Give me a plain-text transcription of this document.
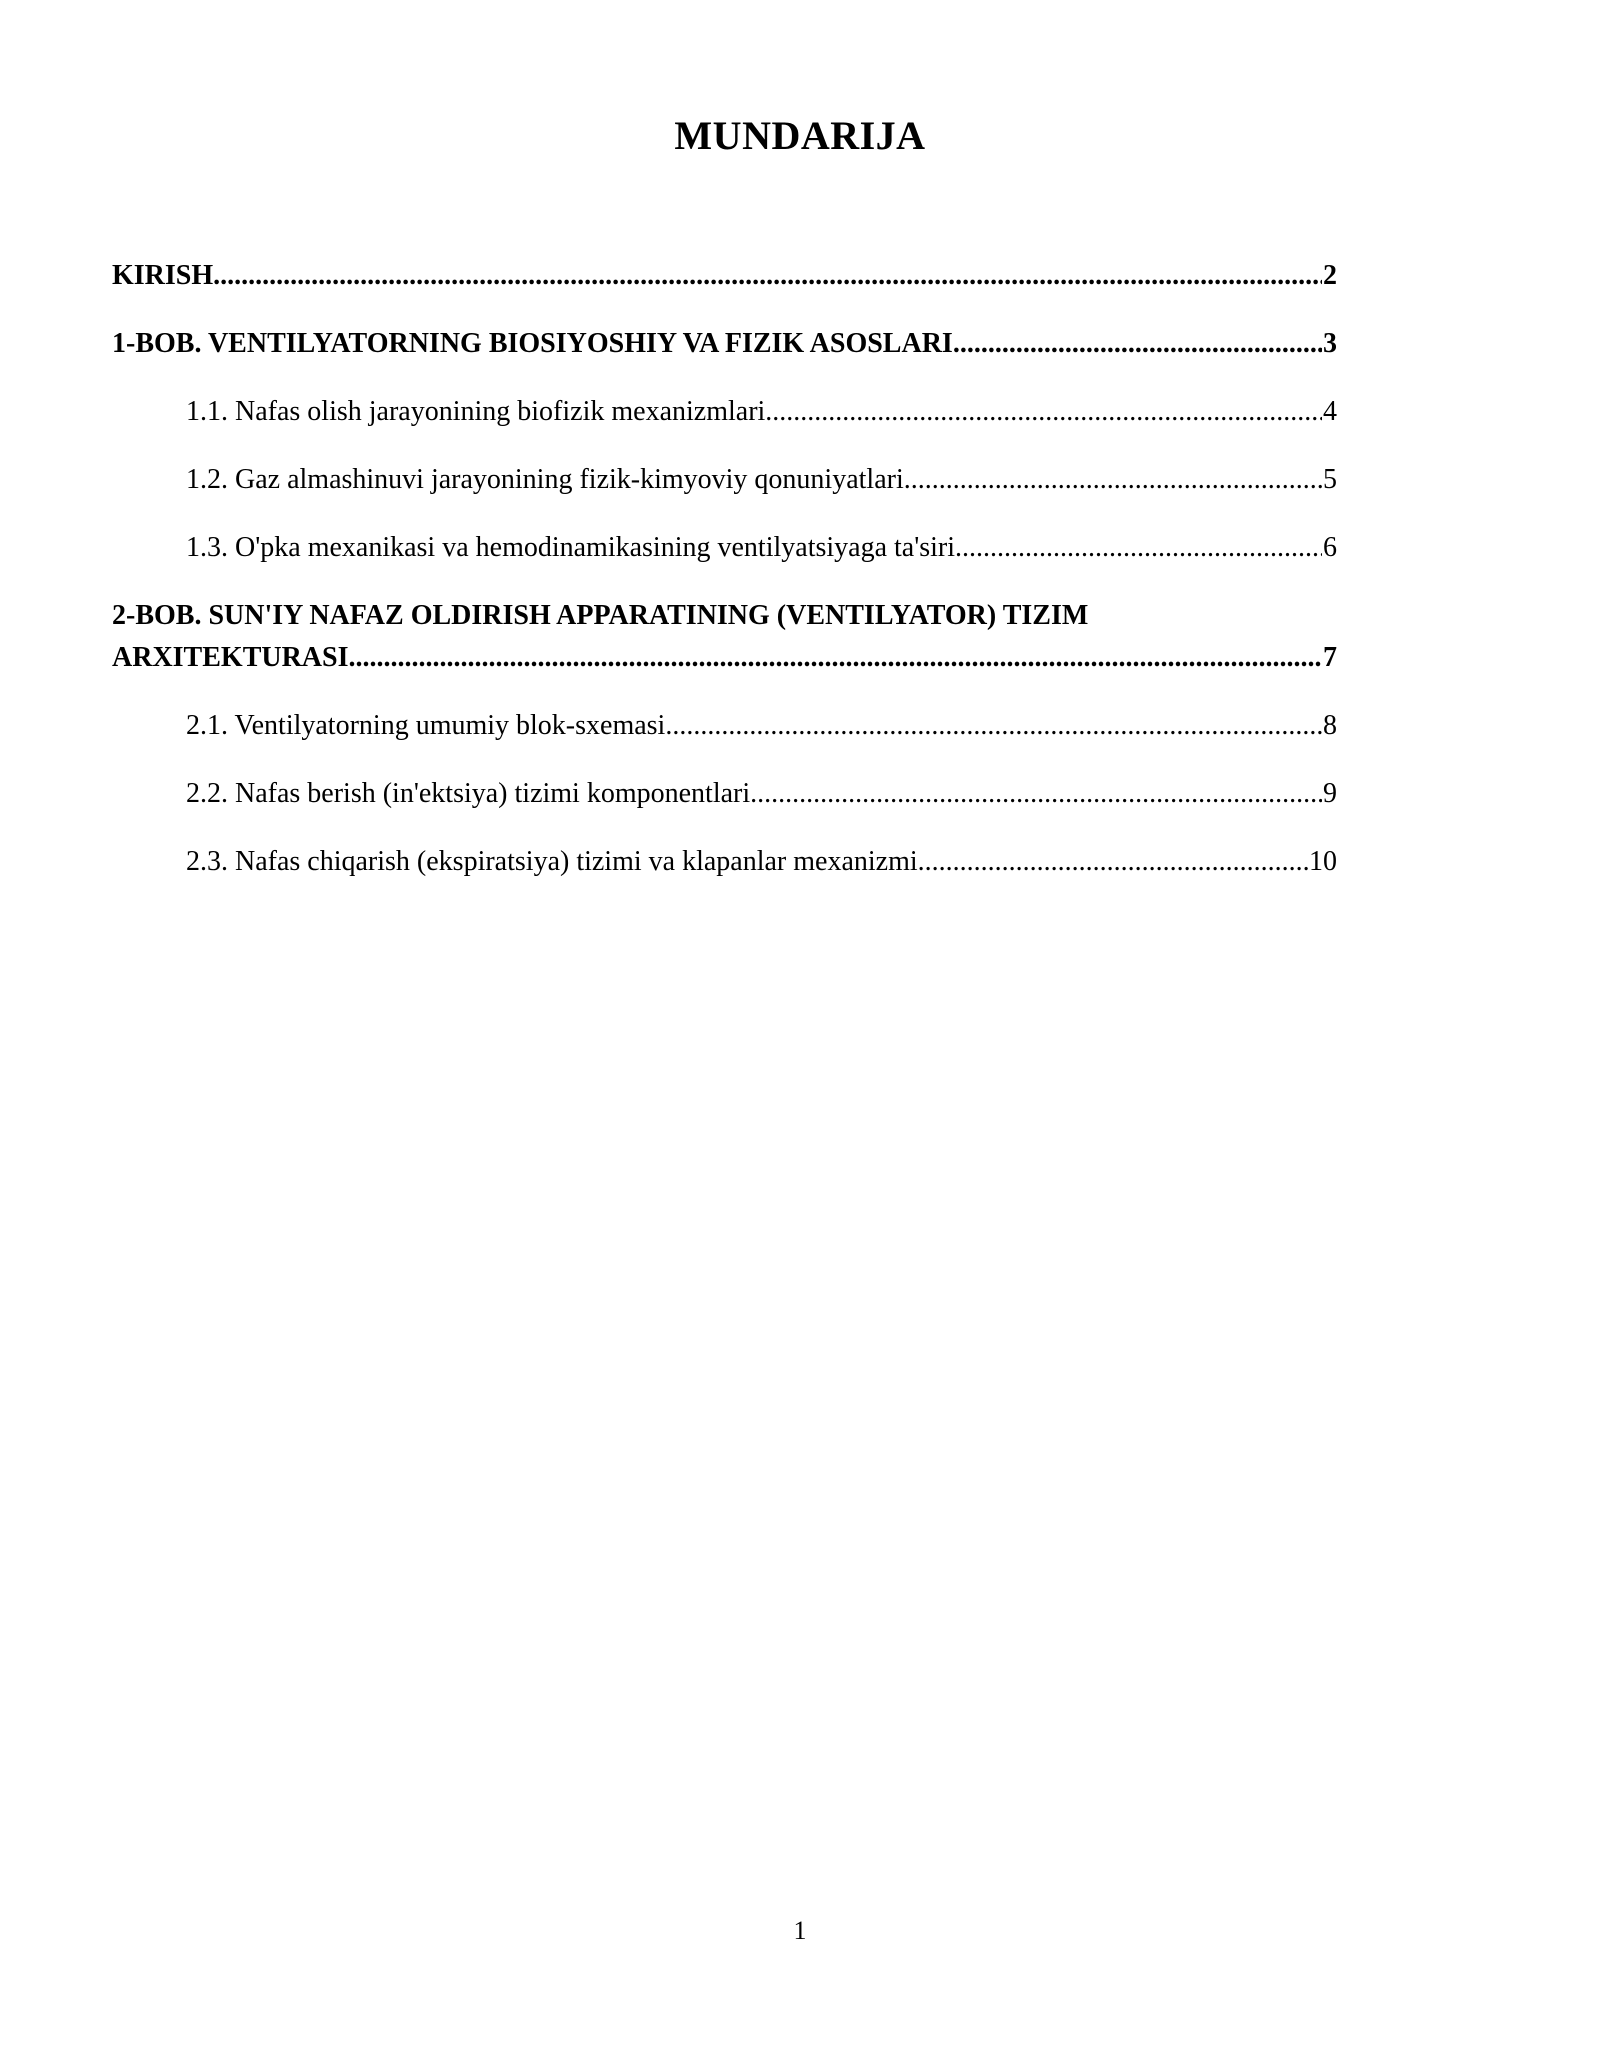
MUNDARIJA
KIRISH .....	2
1-BOB. VENTILYATORNING BIOSIYOSHIY VA FIZIK ASOSLARI .....	3
1.1. Nafas olish jarayonining biofizik mexanizmlari .....	4
1.2. Gaz almashinuvi jarayonining fizik-kimyoviy qonuniyatlari .....	5
1.3. O'pka mexanikasi va hemodinamikasining ventilyatsiyaga ta'siri .....	6
2-BOB. SUN'IY NAFAZ OLDIRISH APPARATINING (VENTILYATOR) TIZIM
ARXITEKTURASI .....	7
2.1. Ventilyatorning umumiy blok-sxemasi .....	8
2.2. Nafas berish (in'ektsiya) tizimi komponentlari .....	9
2.3. Nafas chiqarish (ekspiratsiya) tizimi va klapanlar mexanizmi .....	10
1
